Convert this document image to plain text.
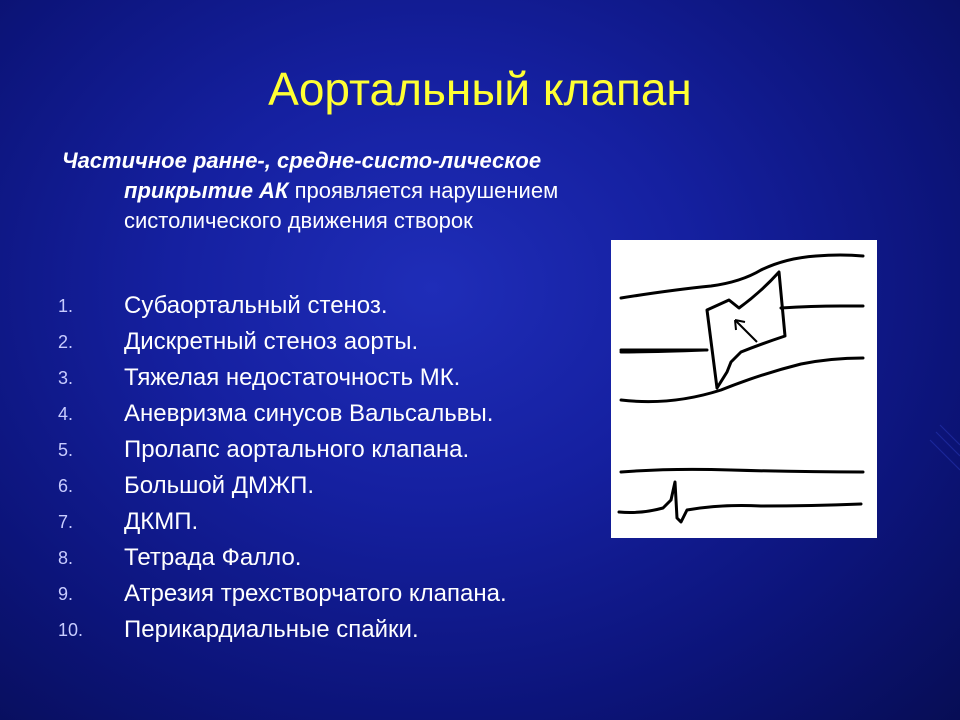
Аортальный клапан

Частичное ранне-, средне-систо-лическое прикрытие АК проявляется нарушением систолического движения створок

1. Субаортальный стеноз.
2. Дискретный стеноз аорты.
3. Тяжелая недостаточность МК.
4. Аневризма синусов Вальсальвы.
5. Пролапс аортального клапана.
6. Большой ДМЖП.
7. ДКМП.
8. Тетрада Фалло.
9. Атрезия трехстворчатого клапана.
10. Перикардиальные спайки.
